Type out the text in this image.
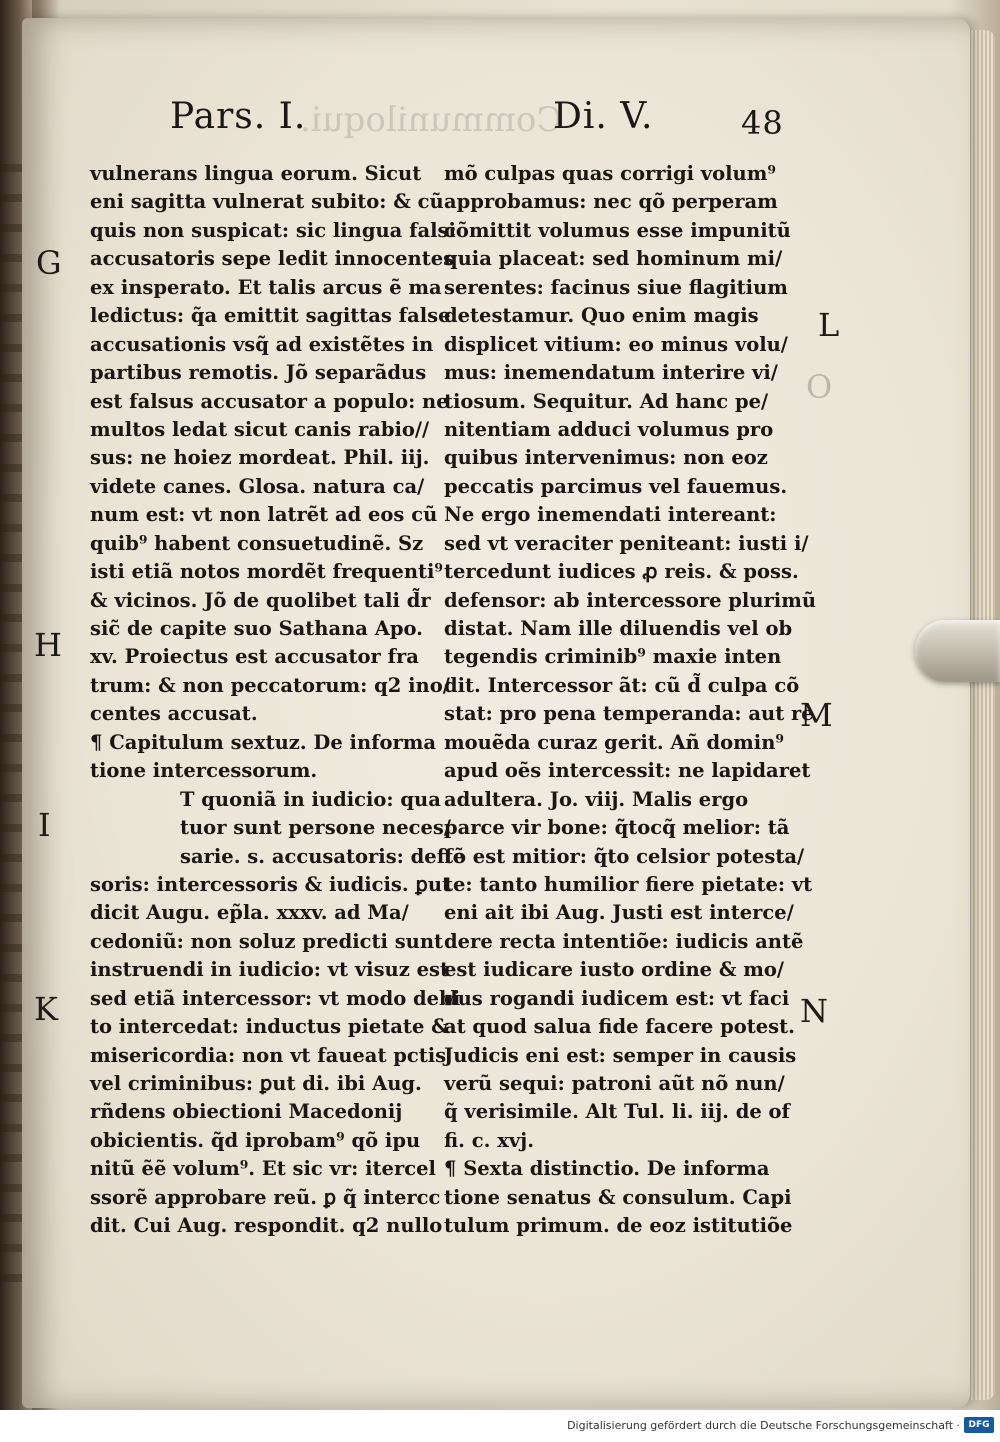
Communiloqui.
Pars. I.	Di. V.	48
G
H
I
K
L
M
N
O
vulnerans lingua eorum. Sicut
eni sagitta vulnerat subito: & cũ
quis non suspicat: sic lingua falsi
accusatoris sepe ledit innocentes
ex insperato. Et talis arcus ẽ ma
ledictus: q̃a emittit sagittas false
accusationis vsq̃ ad existẽtes in
partibus remotis. Jõ separãdus
est falsus accusator a populo: ne
multos ledat sicut canis rabio//
sus: ne hoiez mordeat. Phil. iij.
videte canes. Glosa. natura ca/
num est: vt non latrẽt ad eos cũ
quib⁹ habent consuetudinẽ. Sz
isti etiã notos mordẽt frequenti⁹
& vicinos. Jõ de quolibet tali d̃r
sic̃ de capite suo Sathana Apo.
xv. Proiectus est accusator fra
trum: & non peccatorum: q2 ino/
centes accusat.
¶ Capitulum sextuz. De informa
tione intercessorum.
T quoniã in iudicio: qua
tuor sunt persone neces/
sarie. s. accusatoris: deffẽ
soris: intercessoris & iudicis. ꝑut
dicit Augu. ep̃la. xxxv. ad Ma/
cedoniũ: non soluz predicti sunt
instruendi in iudicio: vt visuz est
sed etiã intercessor: vt modo debi
to intercedat: inductus pietate &
misericordia: non vt faueat pctis
vel criminibus: ꝑut di. ibi Aug.
rñdens obiectioni Macedonij
obicientis. q̃d iprobam⁹ qõ ipu
nitũ ẽẽ volum⁹. Et sic vr: itercel
ssorẽ approbare reũ. ꝑ q̃ intercc
dit. Cui Aug. respondit. q2 nullo
mõ culpas quas corrigi volum⁹
approbamus: nec qõ perperam
cõmittit volumus esse impunitũ
quia placeat: sed hominum mi/
serentes: facinus siue flagitium
detestamur. Quo enim magis
displicet vitium: eo minus volu/
mus: inemendatum interire vi/
tiosum. Sequitur. Ad hanc pe/
nitentiam adduci volumus pro
quibus intervenimus: non eoz
peccatis parcimus vel fauemus.
Ne ergo inemendati intereant:
sed vt veraciter peniteant: iusti i/
tercedunt iudices ꝓ reis. & poss.
defensor: ab intercessore plurimũ
distat. Nam ille diluendis vel ob
tegendis criminib⁹ maxie inten
dit. Intercessor ãt: cũ d̃ culpa cõ
stat: pro pena temperanda: aut re
mouẽda curaz gerit. Añ domin⁹
apud oẽs intercessit: ne lapidaret
adultera. Jo. viij. Malis ergo
parce vir bone: q̃tocq̃ melior: tã
to est mitior: q̃to celsior potesta/
te: tanto humilior fiere pietate: vt
eni ait ibi Aug. Justi est interce/
dere recta intentiõe: iudicis antẽ
est iudicare iusto ordine & mo/
dus rogandi iudicem est: vt faci
at quod salua fide facere potest.
Judicis eni est: semper in causis
verũ sequi: patroni aũt nõ nun/
q̃ verisimile. Alt Tul. li. iij. de of
fi. c. xvj.
¶ Sexta distinctio. De informa
tione senatus & consulum. Capi
tulum primum. de eoz istitutiõe
Digitalisierung gefördert durch die Deutsche Forschungsgemeinschaft · DFG
